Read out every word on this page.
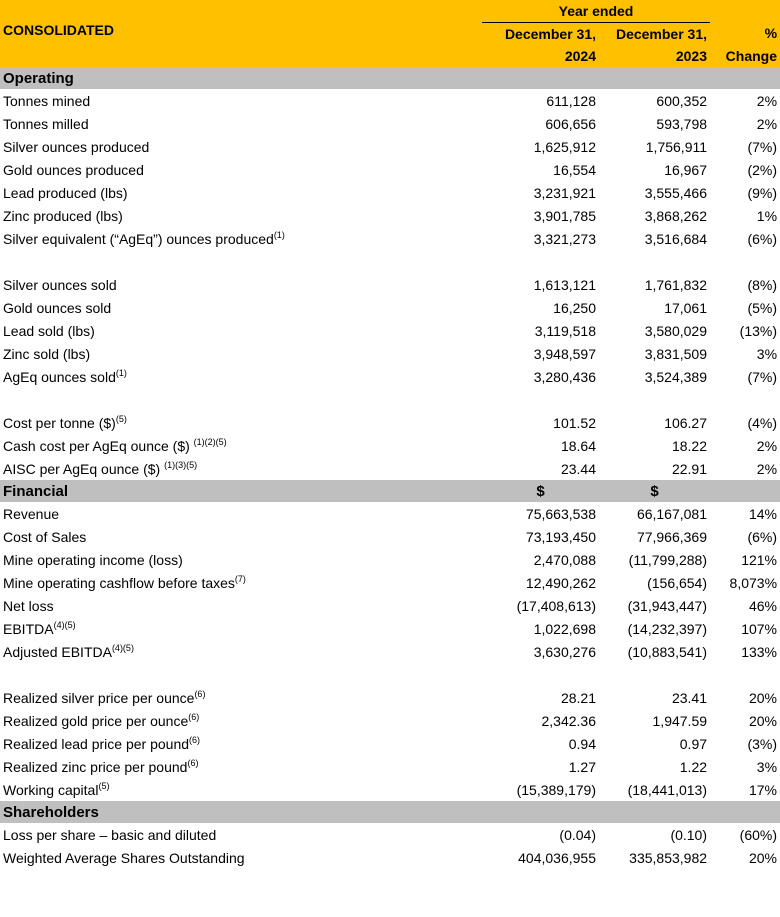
	Year ended		
CONSOLIDATED	December 31,	December 31,	%
	2024	2023	Change
Operating			
Tonnes mined	611,128	600,352	2%
Tonnes milled	606,656	593,798	2%
Silver ounces produced	1,625,912	1,756,911	(7%)
Gold ounces produced	16,554	16,967	(2%)
Lead produced (lbs)	3,231,921	3,555,466	(9%)
Zinc produced (lbs)	3,901,785	3,868,262	1%
Silver equivalent (“AgEq”) ounces produced$^{(1)}$	3,321,273	3,516,684	(6%)

Silver ounces sold	1,613,121	1,761,832	(8%)
Gold ounces sold	16,250	17,061	(5%)
Lead sold (lbs)	3,119,518	3,580,029	(13%)
Zinc sold (lbs)	3,948,597	3,831,509	3%
AgEq ounces sold$^{(1)}$	3,280,436	3,524,389	(7%)

Cost per tonne ($)$^{(5)}$	101.52	106.27	(4%)
Cash cost per AgEq ounce ($) $^{(1)(2)(5)}$	18.64	18.22	2%
AISC per AgEq ounce ($) $^{(1)(3)(5)}$	23.44	22.91	2%
Financial	$	$	
Revenue	75,663,538	66,167,081	14%
Cost of Sales	73,193,450	77,966,369	(6%)
Mine operating income (loss)	2,470,088	(11,799,288)	121%
Mine operating cashflow before taxes$^{(7)}$	12,490,262	(156,654)	8,073%
Net loss	(17,408,613)	(31,943,447)	46%
$EBITDA^{(4)(5)}$	1,022,698	(14,232,397)	107%
Adjusted $EBITDA^{(4)(5)}$	3,630,276	(10,883,541)	133%

Realized silver price per ounce$^{(6)}$	28.21	23.41	20%
Realized gold price per ounce$^{(6)}$	2,342.36	1,947.59	20%
Realized lead price per pound$^{(6)}$	0.94	0.97	(3%)
Realized zinc price per pound$^{(6)}$	1.27	1.22	3%
Working capital$^{(5)}$	(15,389,179)	(18,441,013)	17%
Shareholders			
Loss per share – basic and diluted	(0.04)	(0.10)	(60%)
Weighted Average Shares Outstanding	404,036,955	335,853,982	20%
